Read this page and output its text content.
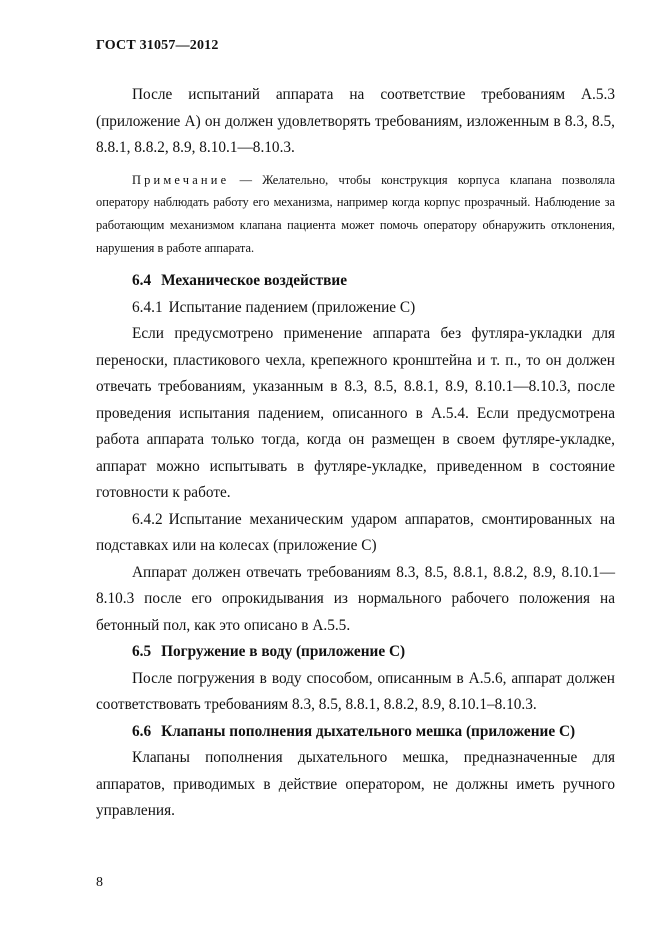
ГОСТ 31057—2012

После испытаний аппарата на соответствие требованиям А.5.3 (приложение А) он должен удовлетворять требованиям, изложенным в 8.3, 8.5, 8.8.1, 8.8.2, 8.9, 8.10.1—8.10.3.

Примечание — Желательно, чтобы конструкция корпуса клапана позволяла оператору наблюдать работу его механизма, например когда корпус прозрачный. Наблюдение за работающим механизмом клапана пациента может помочь оператору обнаружить отклонения, нарушения в работе аппарата.

6.4 Механическое воздействие

6.4.1 Испытание падением (приложение С)

Если предусмотрено применение аппарата без футляра-укладки для переноски, пластикового чехла, крепежного кронштейна и т. п., то он должен отвечать требованиям, указанным в 8.3, 8.5, 8.8.1, 8.9, 8.10.1—8.10.3, после проведения испытания падением, описанного в А.5.4. Если предусмотрена работа аппарата только тогда, когда он размещен в своем футляре-укладке, аппарат можно испытывать в футляре-укладке, приведенном в состояние готовности к работе.

6.4.2 Испытание механическим ударом аппаратов, смонтированных на подставках или на колесах (приложение С)

Аппарат должен отвечать требованиям 8.3, 8.5, 8.8.1, 8.8.2, 8.9, 8.10.1—8.10.3 после его опрокидывания из нормального рабочего положения на бетонный пол, как это описано в А.5.5.

6.5 Погружение в воду (приложение С)

После погружения в воду способом, описанным в А.5.6, аппарат должен соответствовать требованиям 8.3, 8.5, 8.8.1, 8.8.2, 8.9, 8.10.1–8.10.3.

6.6 Клапаны пополнения дыхательного мешка (приложение С)

Клапаны пополнения дыхательного мешка, предназначенные для аппаратов, приводимых в действие оператором, не должны иметь ручного управления.

8
